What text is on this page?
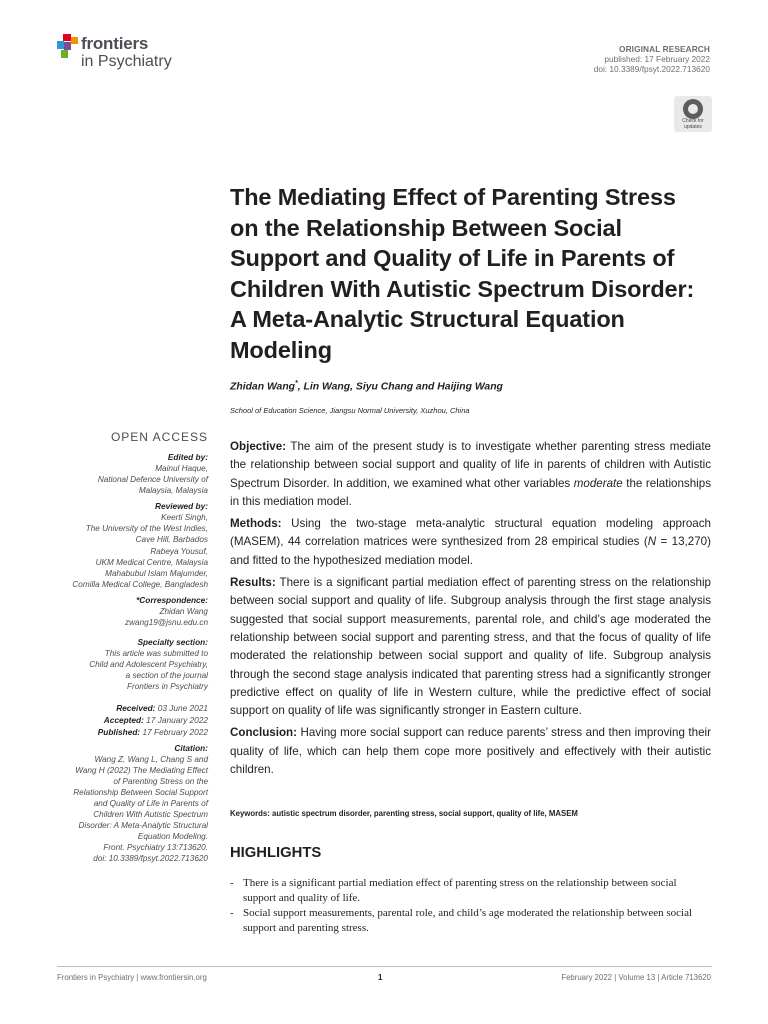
frontiers
in Psychiatry
ORIGINAL RESEARCH
published: 17 February 2022
doi: 10.3389/fpsyt.2022.713620
Check for
updates
The Mediating Effect of Parenting Stress on the Relationship Between Social Support and Quality of Life in Parents of Children With Autistic Spectrum Disorder: A Meta-Analytic Structural Equation Modeling
Zhidan Wang*, Lin Wang, Siyu Chang and Haijing Wang
School of Education Science, Jiangsu Normal University, Xuzhou, China
OPEN ACCESS
Edited by:
Mainul Haque,
National Defence University of
Malaysia, Malaysia
Reviewed by:
Keerti Singh,
The University of the West Indies,
Cave Hill, Barbados
Rabeya Yousuf,
UKM Medical Centre, Malaysia
Mahabubul Islam Majumder,
Comilla Medical College, Bangladesh
*Correspondence:
Zhidan Wang
zwang19@jsnu.edu.cn
Specialty section:
This article was submitted to
Child and Adolescent Psychiatry,
a section of the journal
Frontiers in Psychiatry
Received: 03 June 2021
Accepted: 17 January 2022
Published: 17 February 2022
Citation:
Wang Z, Wang L, Chang S and
Wang H (2022) The Mediating Effect
of Parenting Stress on the
Relationship Between Social Support
and Quality of Life in Parents of
Children With Autistic Spectrum
Disorder: A Meta-Analytic Structural
Equation Modeling.
Front. Psychiatry 13:713620.
doi: 10.3389/fpsyt.2022.713620

Objective: The aim of the present study is to investigate whether parenting stress mediate the relationship between social support and quality of life in parents of children with Autistic Spectrum Disorder. In addition, we examined what other variables moderate the relationships in this mediation model.

Methods: Using the two-stage meta-analytic structural equation modeling approach (MASEM), 44 correlation matrices were synthesized from 28 empirical studies (N = 13,270) and fitted to the hypothesized mediation model.

Results: There is a significant partial mediation effect of parenting stress on the relationship between social support and quality of life. Subgroup analysis through the first stage analysis suggested that social support measurements, parental role, and child’s age moderated the relationship between social support and parenting stress, and that the focus of quality of life moderated the relationship between social support and quality of life. Subgroup analysis through the second stage analysis indicated that parenting stress had a significantly stronger predictive effect on quality of life in Western culture, while the predictive effect of social support on quality of life was significantly stronger in Eastern culture.

Conclusion: Having more social support can reduce parents’ stress and then improving their quality of life, which can help them cope more positively and effectively with their autistic children.

Keywords: autistic spectrum disorder, parenting stress, social support, quality of life, MASEM
HIGHLIGHTS
- There is a significant partial mediation effect of parenting stress on the relationship between social support and quality of life.
- Social support measurements, parental role, and child’s age moderated the relationship between social support and parenting stress.
Frontiers in Psychiatry | www.frontiersin.org	1	February 2022 | Volume 13 | Article 713620
